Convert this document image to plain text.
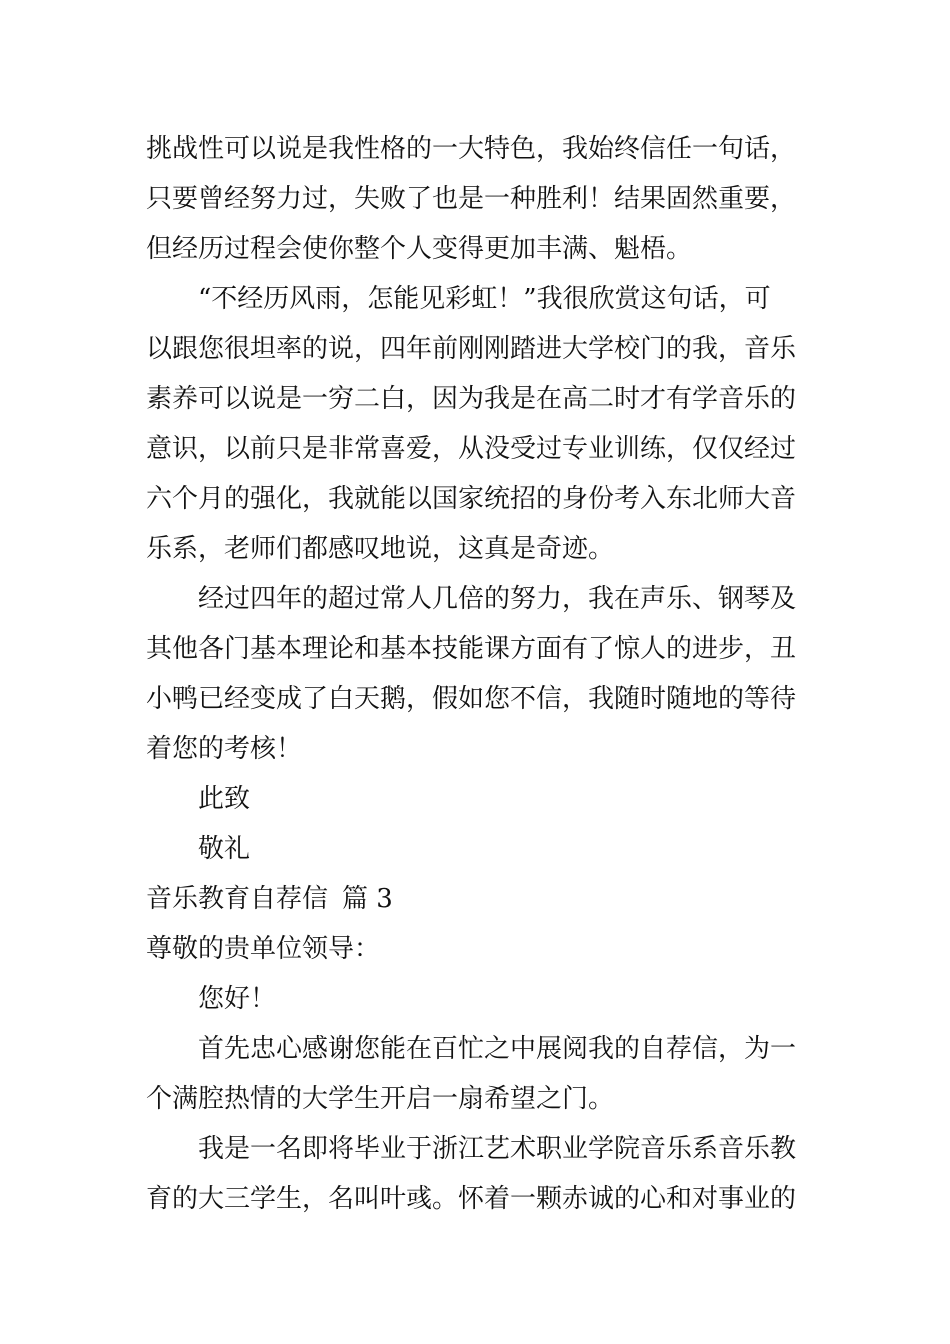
挑战性可以说是我性格的一大特色，我始终信任一句话，
只要曾经努力过，失败了也是一种胜利！结果固然重要，
但经历过程会使你整个人变得更加丰满、魁梧。
“不经历风雨，怎能见彩虹！”我很欣赏这句话，可
以跟您很坦率的说，四年前刚刚踏进大学校门的我，音乐
素养可以说是一穷二白，因为我是在高二时才有学音乐的
意识，以前只是非常喜爱，从没受过专业训练，仅仅经过
六个月的强化，我就能以国家统招的身份考入东北师大音
乐系，老师们都感叹地说，这真是奇迹。
经过四年的超过常人几倍的努力，我在声乐、钢琴及
其他各门基本理论和基本技能课方面有了惊人的进步，丑
小鸭已经变成了白天鹅，假如您不信，我随时随地的等待
着您的考核！
此致
敬礼
音乐教育自荐信 篇 3
尊敬的贵单位领导：
您好！
首先忠心感谢您能在百忙之中展阅我的自荐信，为一
个满腔热情的大学生开启一扇希望之门。
我是一名即将毕业于浙江艺术职业学院音乐系音乐教
育的大三学生，名叫叶彧。怀着一颗赤诚的心和对事业的
